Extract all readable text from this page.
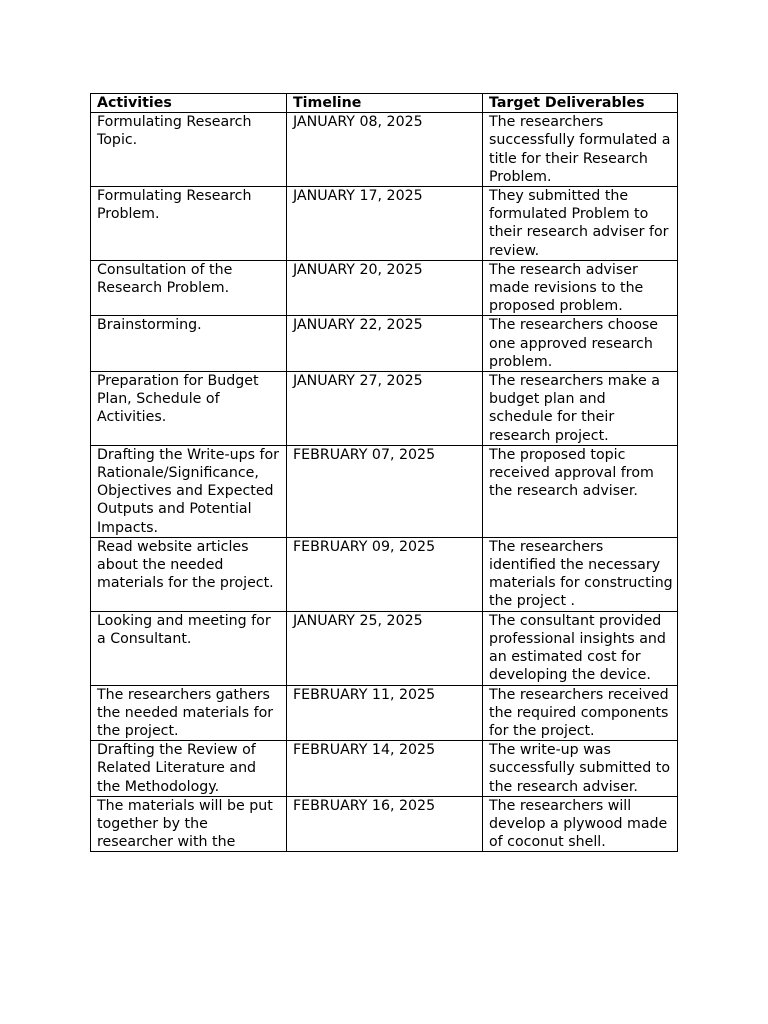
Activities	Timeline	Target Deliverables
Formulating Research Topic.	JANUARY 08, 2025	The researchers successfully formulated a title for their Research Problem.
Formulating Research Problem.	JANUARY 17, 2025	They submitted the formulated Problem to their research adviser for review.
Consultation of the Research Problem.	JANUARY 20, 2025	The research adviser made revisions to the proposed problem.
Brainstorming.	JANUARY 22, 2025	The researchers choose one approved research problem.
Preparation for Budget Plan, Schedule of Activities.	JANUARY 27, 2025	The researchers make a budget plan and schedule for their research project.
Drafting the Write-ups for Rationale/Significance, Objectives and Expected Outputs and Potential Impacts.	FEBRUARY 07, 2025	The proposed topic received approval from the research adviser.
Read website articles about the needed materials for the project.	FEBRUARY 09, 2025	The researchers identified the necessary materials for constructing the project .
Looking and meeting for a Consultant.	JANUARY 25, 2025	The consultant provided professional insights and an estimated cost for developing the device.
The researchers gathers the needed materials for the project.	FEBRUARY 11, 2025	The researchers received the required components for the project.
Drafting the Review of Related Literature and the Methodology.	FEBRUARY 14, 2025	The write-up was successfully submitted to the research adviser.
The materials will be put together by the researcher with the	FEBRUARY 16, 2025	The researchers will develop a plywood made of coconut shell.
